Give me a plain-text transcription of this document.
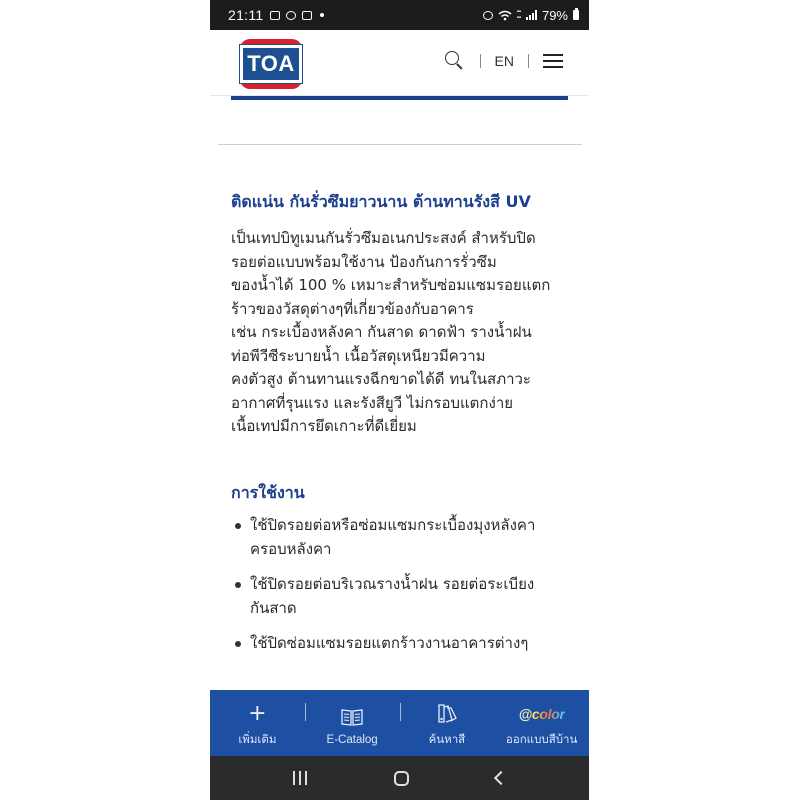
21:11	▪▪
▪▪ 79%
TOA	EN
ติดแน่น กันรั่วซึมยาวนาน ต้านทานรังสี UV
เป็นเทปบิทูเมนกันรั่วซึมอเนกประสงค์ สำหรับปิด
รอยต่อแบบพร้อมใช้งาน ป้องกันการรั่วซึม
ของน้ำได้ 100 % เหมาะสำหรับซ่อมแซมรอยแตก
ร้าวของวัสดุต่างๆที่เกี่ยวข้องกับอาคาร
เช่น กระเบื้องหลังคา กันสาด ดาดฟ้า รางน้ำฝน
ท่อพีวีซีระบายน้ำ เนื้อวัสดุเหนียวมีความ
คงตัวสูง ต้านทานแรงฉีกขาดได้ดี ทนในสภาวะ
อากาศที่รุนแรง และรังสียูวี ไม่กรอบแตกง่าย
เนื้อเทปมีการยึดเกาะที่ดีเยี่ยม
การใช้งาน
ใช้ปิดรอยต่อหรือซ่อมแซมกระเบื้องมุงหลังคา
ครอบหลังคา
ใช้ปิดรอยต่อบริเวณรางน้ำฝน รอยต่อระเบียง
กันสาด
ใช้ปิดซ่อมแซมรอยแตกร้าวงานอาคารต่างๆ
+
เพิ่มเติม	E-Catalog	ค้นหาสี
@color
ออกแบบสีบ้าน
